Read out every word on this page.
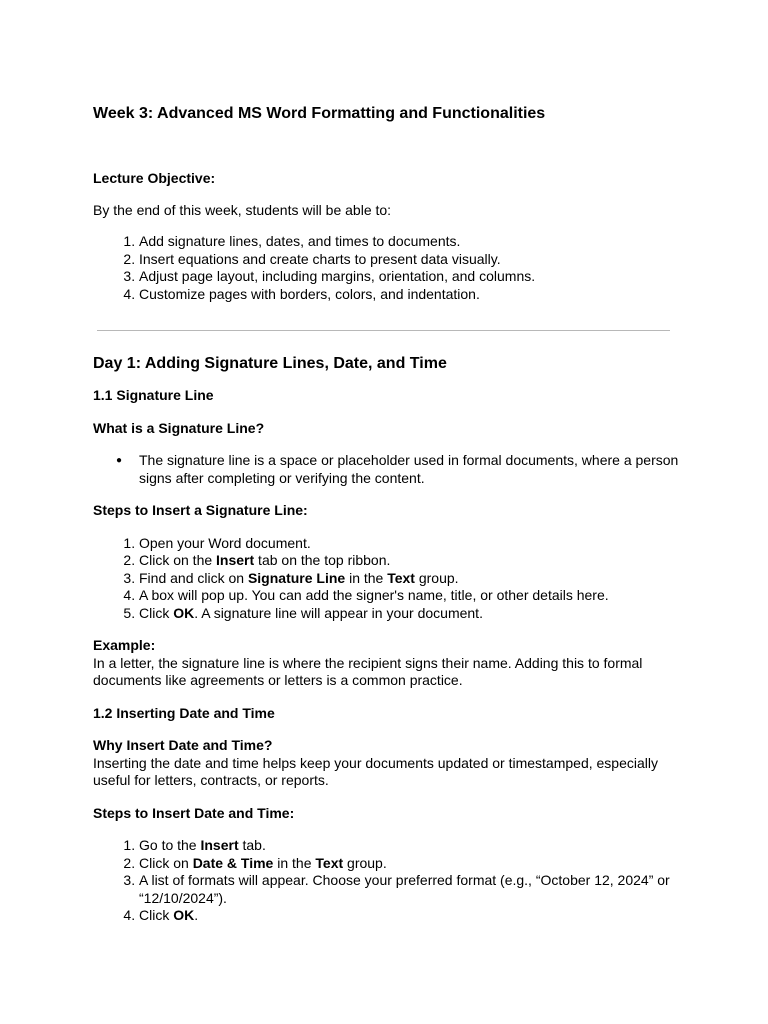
Week 3: Advanced MS Word Formatting and Functionalities

Lecture Objective:

By the end of this week, students will be able to:

1. Add signature lines, dates, and times to documents.
2. Insert equations and create charts to present data visually.
3. Adjust page layout, including margins, orientation, and columns.
4. Customize pages with borders, colors, and indentation.
Day 1: Adding Signature Lines, Date, and Time

1.1 Signature Line

What is a Signature Line?

● The signature line is a space or placeholder used in formal documents, where a person signs after completing or verifying the content.

Steps to Insert a Signature Line:

1. Open your Word document.
2. Click on the Insert tab on the top ribbon.
3. Find and click on Signature Line in the Text group.
4. A box will pop up. You can add the signer's name, title, or other details here.
5. Click OK. A signature line will appear in your document.

Example:

In a letter, the signature line is where the recipient signs their name. Adding this to formal documents like agreements or letters is a common practice.

1.2 Inserting Date and Time

Why Insert Date and Time?

Inserting the date and time helps keep your documents updated or timestamped, especially useful for letters, contracts, or reports.

Steps to Insert Date and Time:

1. Go to the Insert tab.
2. Click on Date & Time in the Text group.
3. A list of formats will appear. Choose your preferred format (e.g., “October 12, 2024” or “12/10/2024”).
4. Click OK.
